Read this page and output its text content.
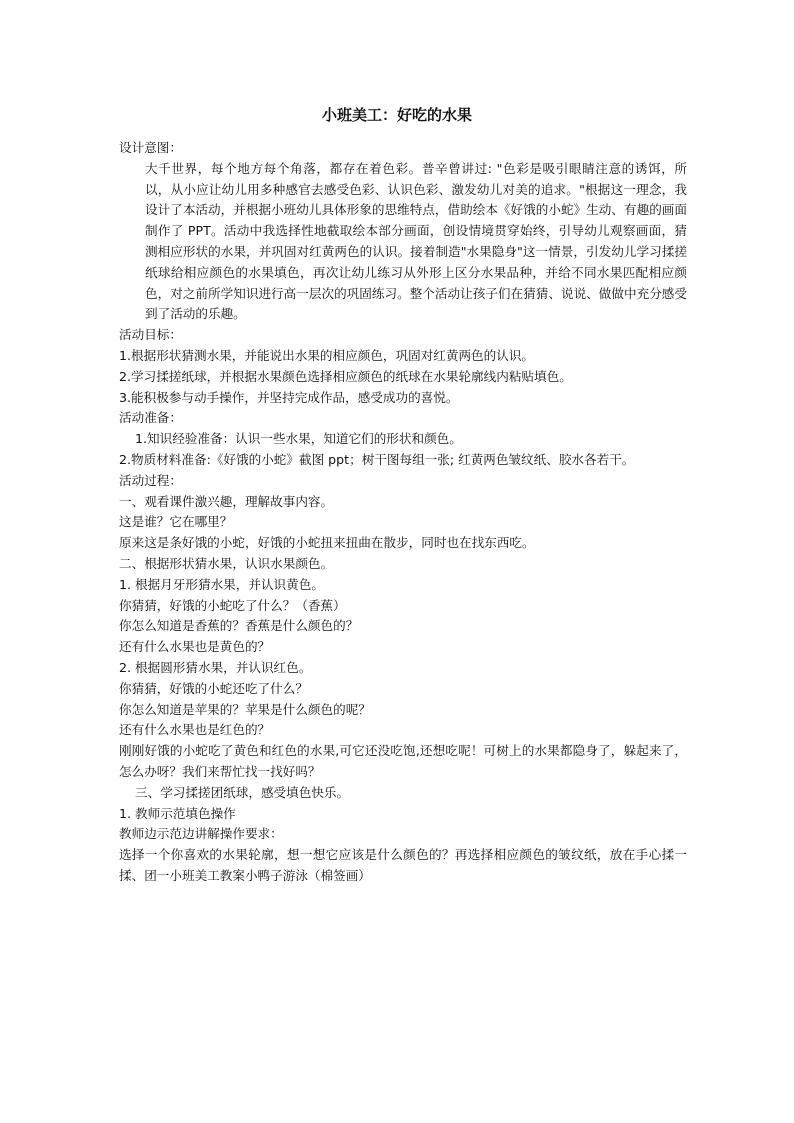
小班美工：好吃的水果

设计意图：

大千世界，每个地方每个角落，都存在着色彩。普辛曾讲过: "色彩是吸引眼睛注意的诱饵，所以，从小应让幼儿用多种感官去感受色彩、认识色彩、激发幼儿对美的追求。"根据这一理念，我设计了本活动，并根据小班幼儿具体形象的思维特点，借助绘本《好饿的小蛇》生动、有趣的画面制作了 PPT。活动中我选择性地截取绘本部分画面，创设情境贯穿始终，引导幼儿观察画面，猜测相应形状的水果，并巩固对红黄两色的认识。接着制造"水果隐身"这一情景，引发幼儿学习揉搓纸球给相应颜色的水果填色，再次让幼儿练习从外形上区分水果品种，并给不同水果匹配相应颜色，对之前所学知识进行高一层次的巩固练习。整个活动让孩子们在猜猜、说说、做做中充分感受到了活动的乐趣。

活动目标：

1.根据形状猜测水果，并能说出水果的相应颜色，巩固对红黄两色的认识。

2.学习揉搓纸球，并根据水果颜色选择相应颜色的纸球在水果轮廓线内粘贴填色。

3.能积极参与动手操作，并坚持完成作品，感受成功的喜悦。

活动准备：

1.知识经验准备：认识一些水果，知道它们的形状和颜色。

2.物质材料准备:《好饿的小蛇》截图 ppt；树干图每组一张; 红黄两色皱纹纸、胶水各若干。

活动过程：

一、观看课件激兴趣，理解故事内容。

这是谁？它在哪里？

原来这是条好饿的小蛇，好饿的小蛇扭来扭曲在散步，同时也在找东西吃。

二、根据形状猜水果，认识水果颜色。

1. 根据月牙形猜水果，并认识黄色。

你猜猜，好饿的小蛇吃了什么？（香蕉）

你怎么知道是香蕉的？香蕉是什么颜色的？

还有什么水果也是黄色的？

2. 根据圆形猜水果，并认识红色。

你猜猜，好饿的小蛇还吃了什么？

你怎么知道是苹果的？苹果是什么颜色的呢？

还有什么水果也是红色的？

刚刚好饿的小蛇吃了黄色和红色的水果,可它还没吃饱,还想吃呢！可树上的水果都隐身了，躲起来了，怎么办呀？我们来帮忙找一找好吗？

三、学习揉搓团纸球，感受填色快乐。

1. 教师示范填色操作

教师边示范边讲解操作要求：

选择一个你喜欢的水果轮廓，想一想它应该是什么颜色的？再选择相应颜色的皱纹纸，放在手心揉一揉、团一小班美工教案小鸭子游泳（棉签画）
